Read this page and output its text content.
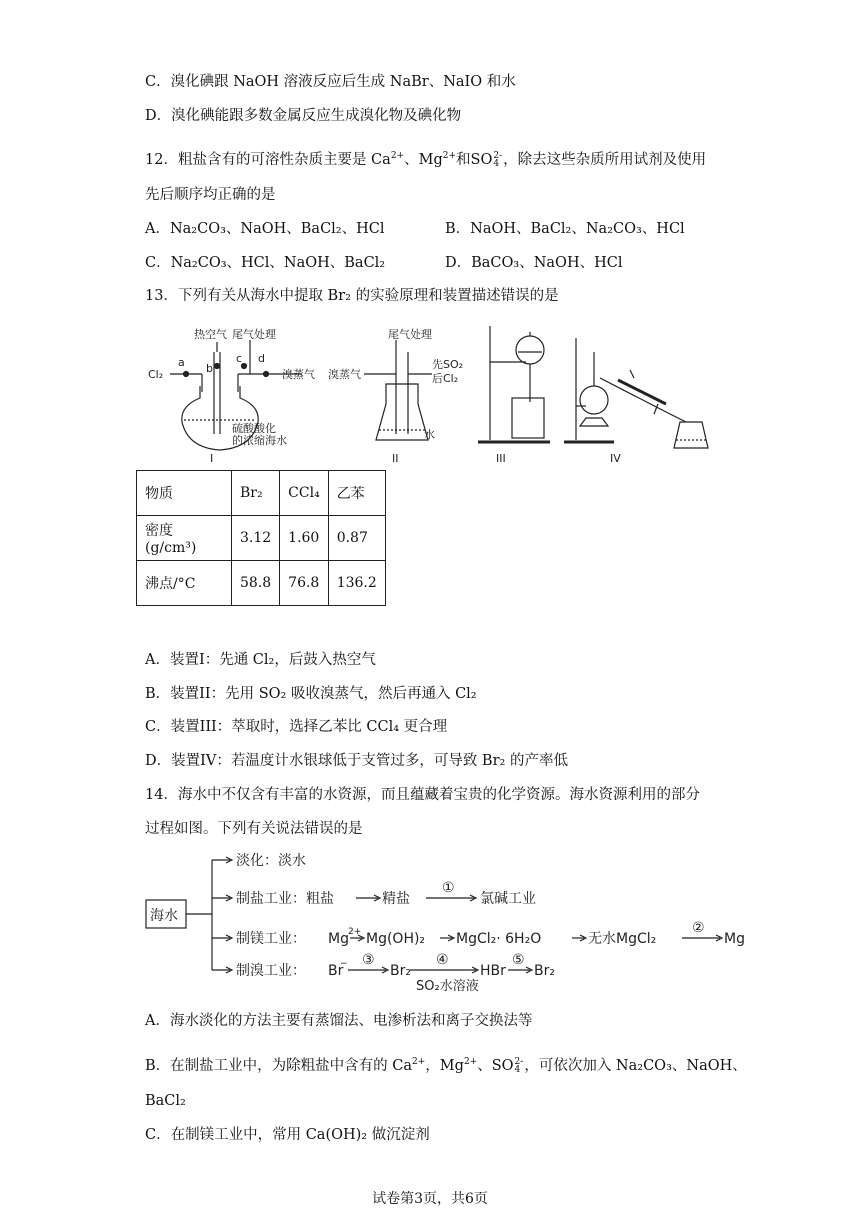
C．溴化碘跟 NaOH 溶液反应后生成 NaBr、NaIO 和水
D．溴化碘能跟多数金属反应生成溴化物及碘化物
12．粗盐含有的可溶性杂质主要是 $Ca^{2+}$、$Mg^{2+}$和SO 2-
4 ，除去这些杂质所用试剂及使用
先后顺序均正确的是
A．Na₂CO₃、NaOH、BaCl₂、HCl	B．NaOH、BaCl₂、Na₂CO₃、HCl
C．Na₂CO₃、HCl、NaOH、BaCl₂	D．BaCO₃、NaOH、HCl
13．下列有关从海水中提取 Br₂ 的实验原理和装置描述错误的是
热空气 尾气处理
Cl₂
a b
c d
溴蒸气
硫酸酸化
的浓缩海水
尾气处理
溴蒸气
先SO₂
后Cl₂
水
I	II	III	IV
物质	Br₂	CCl₄	乙苯
密度(g/cm³)	3.12	1.60	0.87
沸点/°C	58.8	76.8	136.2
A．装置I：先通 Cl₂，后鼓入热空气
B．装置II：先用 SO₂ 吸收溴蒸气，然后再通入 Cl₂
C．装置III：萃取时，选择乙苯比 CCl₄ 更合理
D．装置IV：若温度计水银球低于支管过多，可导致 Br₂ 的产率低
14．海水中不仅含有丰富的水资源，而且蕴藏着宝贵的化学资源。海水资源利用的部分
过程如图。下列有关说法错误的是
海水
淡化：淡水
制盐工业：粗盐	精盐
①
氯碱工业
制镁工业： Mg 2+ Mg(OH)₂ MgCl₂· 6H₂O	无水MgCl₂
②
Mg
制溴工业： Br
− ③
Br₂
④
SO₂水溶液
HBr
⑤
Br₂
A．海水淡化的方法主要有蒸馏法、电渗析法和离子交换法等
B．在制盐工业中，为除粗盐中含有的 $Ca^{2+}$，$Mg^{2+}$、SO 2-
4 ，可依次加入 Na₂CO₃、NaOH、
BaCl₂
C．在制镁工业中，常用 Ca(OH)₂ 做沉淀剂
试卷第3页，共6页
